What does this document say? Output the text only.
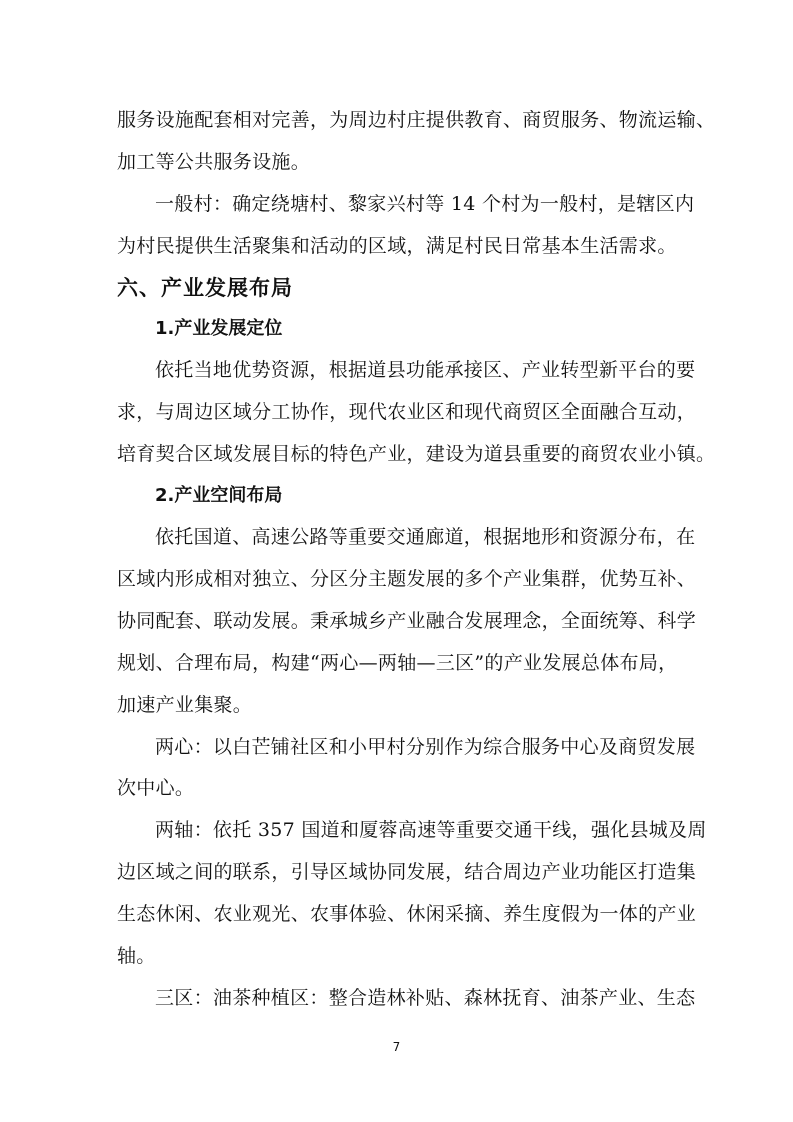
服务设施配套相对完善，为周边村庄提供教育、商贸服务、物流运输、
加工等公共服务设施。
一般村：确定绕塘村、黎家兴村等 14 个村为一般村，是辖区内
为村民提供生活聚集和活动的区域，满足村民日常基本生活需求。
六、产业发展布局
1.产业发展定位
依托当地优势资源，根据道县功能承接区、产业转型新平台的要
求，与周边区域分工协作，现代农业区和现代商贸区全面融合互动，
培育契合区域发展目标的特色产业，建设为道县重要的商贸农业小镇。
2.产业空间布局
依托国道、高速公路等重要交通廊道，根据地形和资源分布，在
区域内形成相对独立、分区分主题发展的多个产业集群，优势互补、
协同配套、联动发展。秉承城乡产业融合发展理念，全面统筹、科学
规划、合理布局，构建“两心—两轴—三区”的产业发展总体布局，
加速产业集聚。
两心：以白芒铺社区和小甲村分别作为综合服务中心及商贸发展
次中心。
两轴：依托 357 国道和厦蓉高速等重要交通干线，强化县城及周
边区域之间的联系，引导区域协同发展，结合周边产业功能区打造集
生态休闲、农业观光、农事体验、休闲采摘、养生度假为一体的产业
轴。
三区：油茶种植区：整合造林补贴、森林抚育、油茶产业、生态
7
